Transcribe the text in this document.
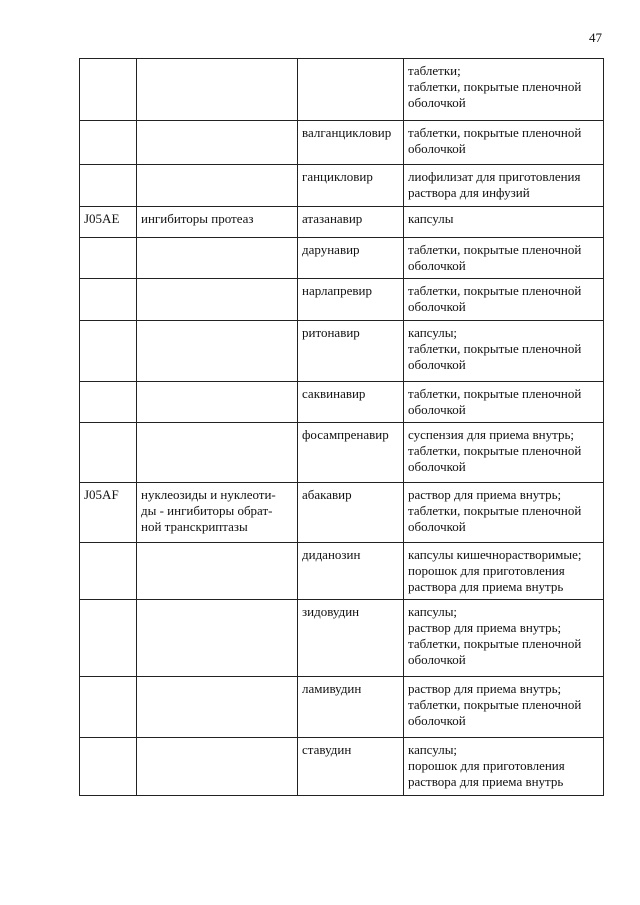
47

			таблетки;
таблетки, покрытые пленочной
оболочкой

		валганцикловир	таблетки, покрытые пленочной
оболочкой

		ганцикловир	лиофилизат для приготовления
раствора для инфузий

J05AE	ингибиторы протеаз	атазанавир	капсулы

		дарунавир	таблетки, покрытые пленочной
оболочкой

		нарлапревир	таблетки, покрытые пленочной
оболочкой

		ритонавир	капсулы;
таблетки, покрытые пленочной
оболочкой

		саквинавир	таблетки, покрытые пленочной
оболочкой

		фосампренавир	суспензия для приема внутрь;
таблетки, покрытые пленочной
оболочкой

J05AF	нуклеозиды и нуклеоти-
ды - ингибиторы обрат-
ной транскриптазы	абакавир	раствор для приема внутрь;
таблетки, покрытые пленочной
оболочкой

		диданозин	капсулы кишечнорастворимые;
порошок для приготовления
раствора для приема внутрь

		зидовудин	капсулы;
раствор для приема внутрь;
таблетки, покрытые пленочной
оболочкой

		ламивудин	раствор для приема внутрь;
таблетки, покрытые пленочной
оболочкой

		ставудин	капсулы;
порошок для приготовления
раствора для приема внутрь
